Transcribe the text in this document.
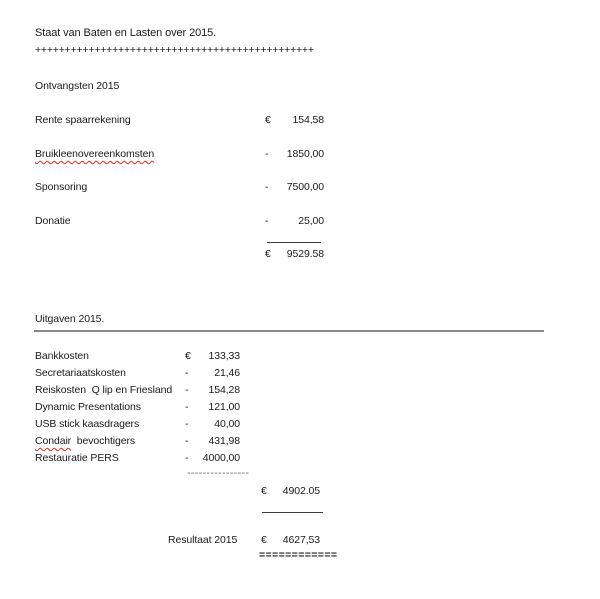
Staat van Baten en Lasten over 2015.
+++++++++++++++++++++++++++++++++++++++++++++++
Ontvangsten 2015
Rente spaarrekening	€ 154,58
Bruikleenovereenkomsten	- 1850,00
Sponsoring	- 7500,00
Donatie	-	25,00
€ 9529.58
Uitgaven 2015.
Bankkosten	€ 133,33
Secretariaatskosten	- 21,46
Reiskosten  Q lip en Friesland - 154,28
Dynamic Presentations	- 121,00
USB stick kaasdragers	- 40,00
Condair  bevochtigers	- 431,98
Restauratie PERS	- 4000,00
----------------
€ 4902.05
Resultaat 2015 € 4627,53
============
